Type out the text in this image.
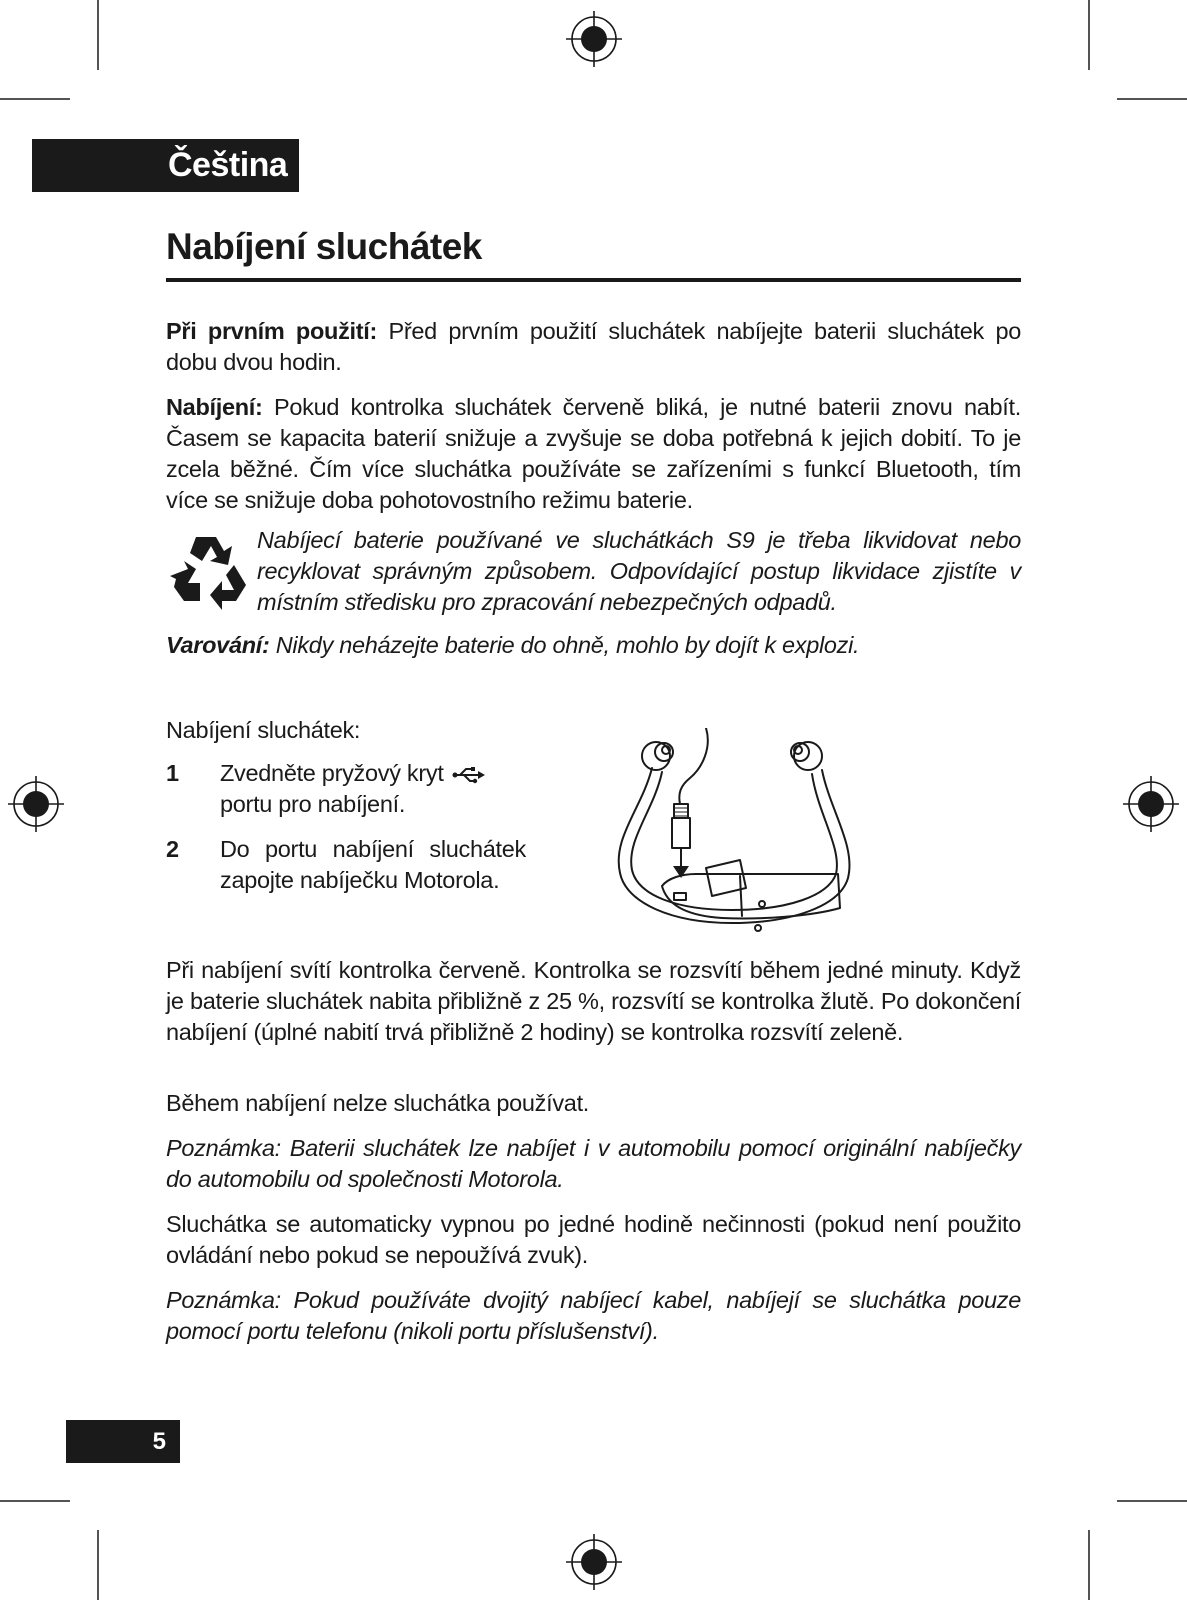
Čeština
Nabíjení sluchátek

Při prvním použití: Před prvním použití sluchátek nabíjejte baterii sluchátek po dobu dvou hodin.

Nabíjení: Pokud kontrolka sluchátek červeně bliká, je nutné baterii znovu nabít. Časem se kapacita baterií snižuje a zvyšuje se doba potřebná k jejich dobití. To je zcela běžné. Čím více sluchátka používáte se zařízeními s funkcí Bluetooth, tím více se snižuje doba pohotovostního režimu baterie.

Nabíjecí baterie používané ve sluchátkách S9 je třeba likvidovat nebo recyklovat správným způsobem. Odpovídající postup likvidace zjistíte v místním středisku pro zpracování nebezpečných odpadů.

Varování: Nikdy neházejte baterie do ohně, mohlo by dojít k explozi.

Nabíjení sluchátek:

1 Zvedněte pryžový kryt
portu pro nabíjení.
2 Do portu nabíjení sluchátek zapojte nabíječku Motorola.

Při nabíjení svítí kontrolka červeně. Kontrolka se rozsvítí během jedné minuty. Když je baterie sluchátek nabita přibližně z 25 %, rozsvítí se kontrolka žlutě. Po dokončení nabíjení (úplné nabití trvá přibližně 2 hodiny) se kontrolka rozsvítí zeleně.

Během nabíjení nelze sluchátka používat.

Poznámka: Baterii sluchátek lze nabíjet i v automobilu pomocí originální nabíječky do automobilu od společnosti Motorola.

Sluchátka se automaticky vypnou po jedné hodině nečinnosti (pokud není použito ovládání nebo pokud se nepoužívá zvuk).

Poznámka: Pokud používáte dvojitý nabíjecí kabel, nabíjejí se sluchátka pouze pomocí portu telefonu (nikoli portu příslušenství).

5
